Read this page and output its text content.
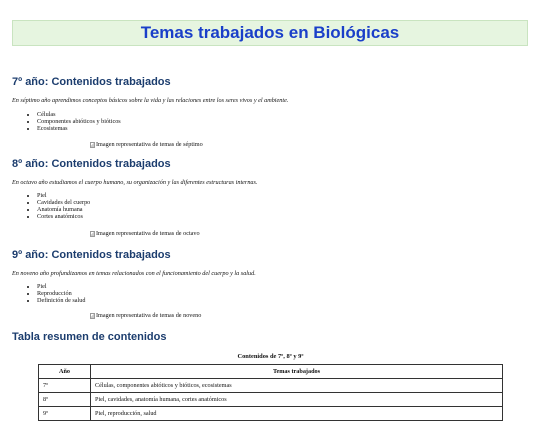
Temas trabajados en Biológicas
7º año: Contenidos trabajados

En séptimo año aprendimos conceptos básicos sobre la vida y las relaciones entre los seres vivos y el ambiente.

• Células
• Componentes abióticos y bióticos
• Ecosistemas
Imagen representativa de temas de séptimo
8º año: Contenidos trabajados

En octavo año estudiamos el cuerpo humano, su organización y las diferentes estructuras internas.

• Piel
• Cavidades del cuerpo
• Anatomía humana
• Cortes anatómicos
Imagen representativa de temas de octavo
9º año: Contenidos trabajados

En noveno año profundizamos en temas relacionados con el funcionamiento del cuerpo y la salud.

• Piel
• Reproducción
• Definición de salud
Imagen representativa de temas de noveno
Tabla resumen de contenidos
Contenidos de 7º, 8º y 9º
Año	Temas trabajados
7º	Células, componentes abióticos y bióticos, ecosistemas
8º	Piel, cavidades, anatomía humana, cortes anatómicos
9º	Piel, reproducción, salud
